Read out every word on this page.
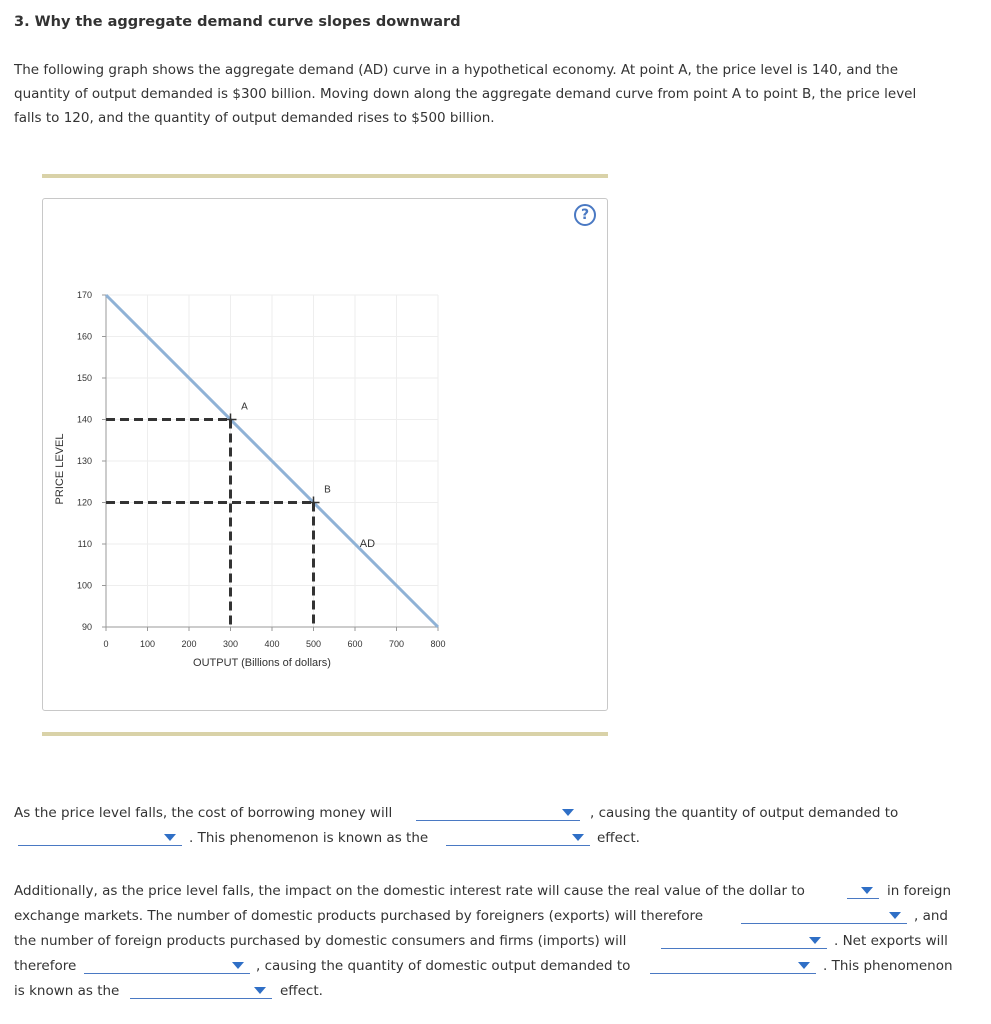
3. Why the aggregate demand curve slopes downward
The following graph shows the aggregate demand (AD) curve in a hypothetical economy. At point A, the price level is 140, and the
quantity of output demanded is $300 billion. Moving down along the aggregate demand curve from point A to point B, the price level
falls to 120, and the quantity of output demanded rises to $500 billion.
?
90
100
110
120
130
140
150
160
170
0	100	200	300	400	500	600	700	800
AD
A
B
PRICE LEVEL
OUTPUT (Billions of dollars)
As the price level falls, the cost of borrowing money will	, causing the quantity of output demanded to
. This phenomenon is known as the	effect.
Additionally, as the price level falls, the impact on the domestic interest rate will cause the real value of the dollar to	in foreign
exchange markets. The number of domestic products purchased by foreigners (exports) will therefore	, and
the number of foreign products purchased by domestic consumers and firms (imports) will	. Net exports will
therefore	, causing the quantity of domestic output demanded to	. This phenomenon
is known as the	effect.
